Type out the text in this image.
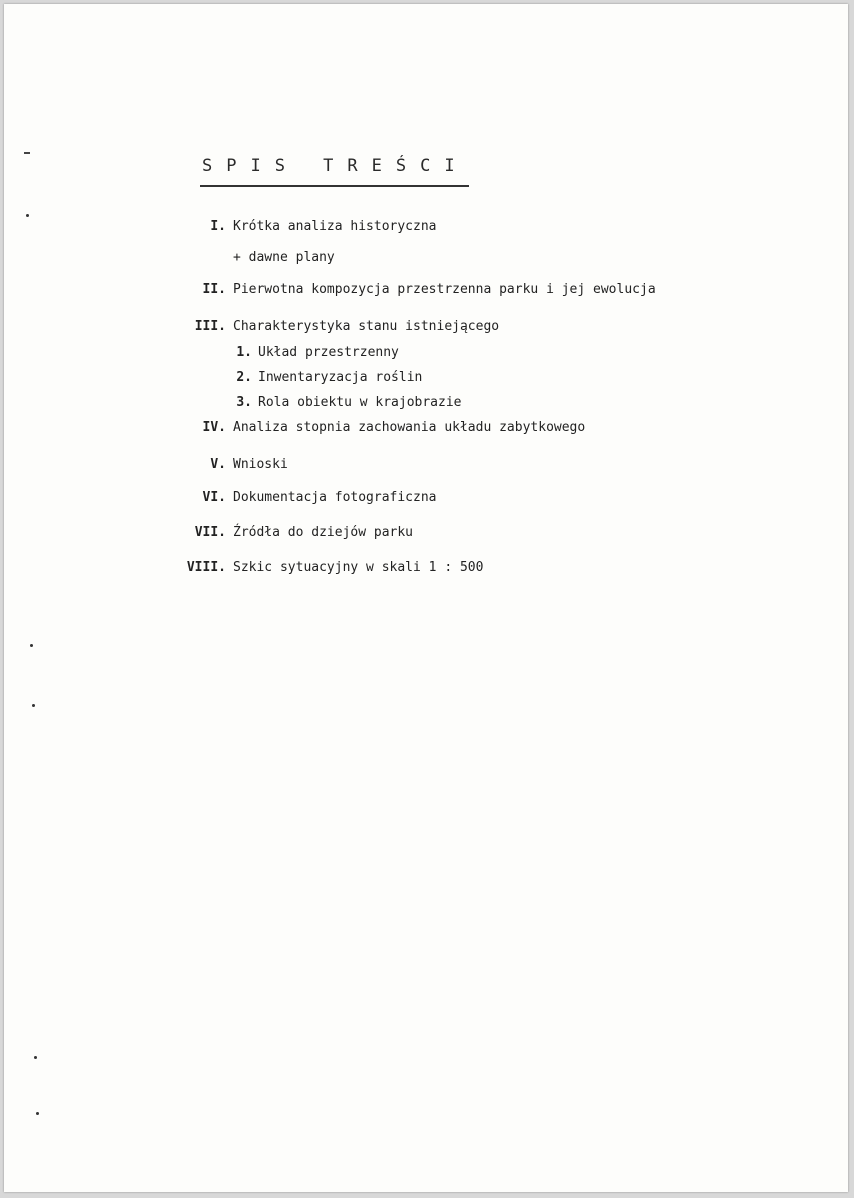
SPIS TREŚCI
I. Krótka analiza historyczna
+ dawne plany
II. Pierwotna kompozycja przestrzenna parku i jej ewolucja
III. Charakterystyka stanu istniejącego
1. Układ przestrzenny
2. Inwentaryzacja roślin
3. Rola obiektu w krajobrazie
IV. Analiza stopnia zachowania układu zabytkowego
V. Wnioski
VI. Dokumentacja fotograficzna
VII. Źródła do dziejów parku
VIII. Szkic sytuacyjny w skali 1 : 500
